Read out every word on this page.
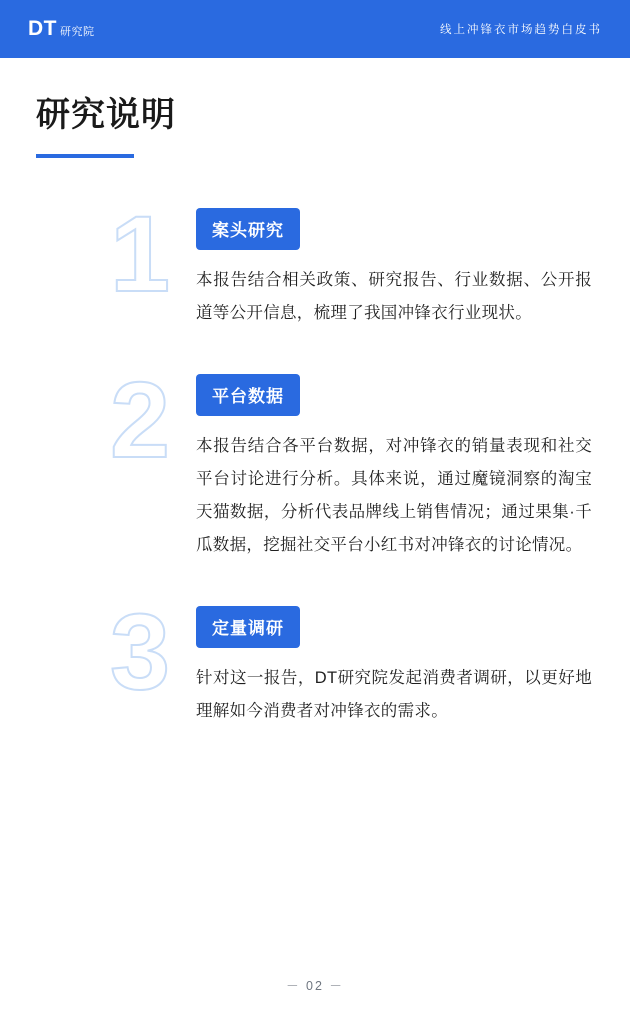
DT 研究院	线上冲锋衣市场趋势白皮书
研究说明
1 案头研究
本报告结合相关政策、研究报告、行业数据、公开报道等公开信息，梳理了我国冲锋衣行业现状。
2 平台数据
本报告结合各平台数据，对冲锋衣的销量表现和社交平台讨论进行分析。具体来说，通过魔镜洞察的淘宝天猫数据，分析代表品牌线上销售情况；通过果集·千瓜数据，挖掘社交平台小红书对冲锋衣的讨论情况。
3 定量调研
针对这一报告，DT研究院发起消费者调研，以更好地理解如今消费者对冲锋衣的需求。
－ 02 －
